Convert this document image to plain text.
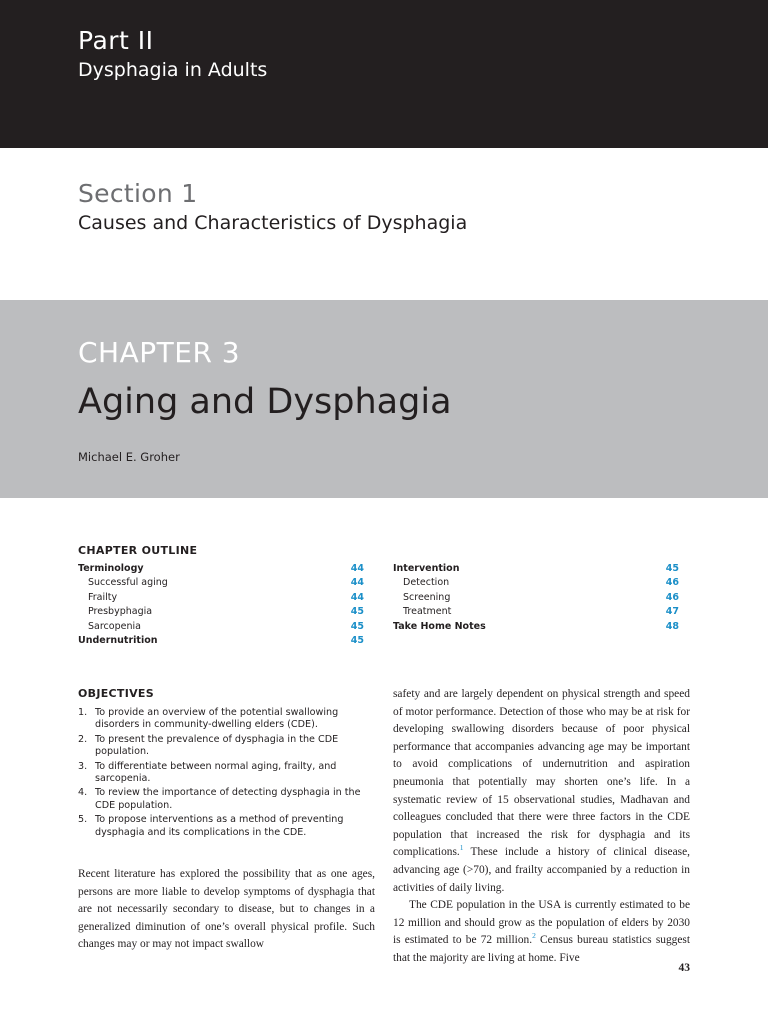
Part II
Dysphagia in Adults
Section 1
Causes and Characteristics of Dysphagia
CHAPTER 3
Aging and Dysphagia
Michael E. Groher
CHAPTER OUTLINE
Terminology	44
Successful aging	44
Frailty	44
Presbyphagia	45
Sarcopenia	45
Undernutrition	45
Intervention	45
Detection	46
Screening	46
Treatment	47
Take Home Notes	48
OBJECTIVES
1. To provide an overview of the potential swallowing disorders in community-dwelling elders (CDE).
2. To present the prevalence of dysphagia in the CDE population.
3. To differentiate between normal aging, frailty, and sarcopenia.
4. To review the importance of detecting dysphagia in the CDE population.
5. To propose interventions as a method of preventing dysphagia and its complications in the CDE.

Recent literature has explored the possibility that as one ages, persons are more liable to develop symptoms of dysphagia that are not necessarily secondary to disease, but to changes in a generalized diminution of one’s overall physical profile. Such changes may or may not impact swallow

safety and are largely dependent on physical strength and speed of motor performance. Detection of those who may be at risk for developing swallowing disorders because of poor physical performance that accompanies advancing age may be important to avoid complications of undernutrition and aspiration pneumonia that potentially may shorten one’s life. In a systematic review of 15 observational studies, Madhavan and colleagues concluded that there were three factors in the CDE population that increased the risk for dysphagia and its complications.$^1$ These include a history of clinical disease, advancing age (>70), and frailty accompanied by a reduction in activities of daily living.

The CDE population in the USA is currently estimated to be 12 million and should grow as the population of elders by 2030 is estimated to be 72 million.$^2$ Census bureau statistics suggest that the majority are living at home. Five

43
